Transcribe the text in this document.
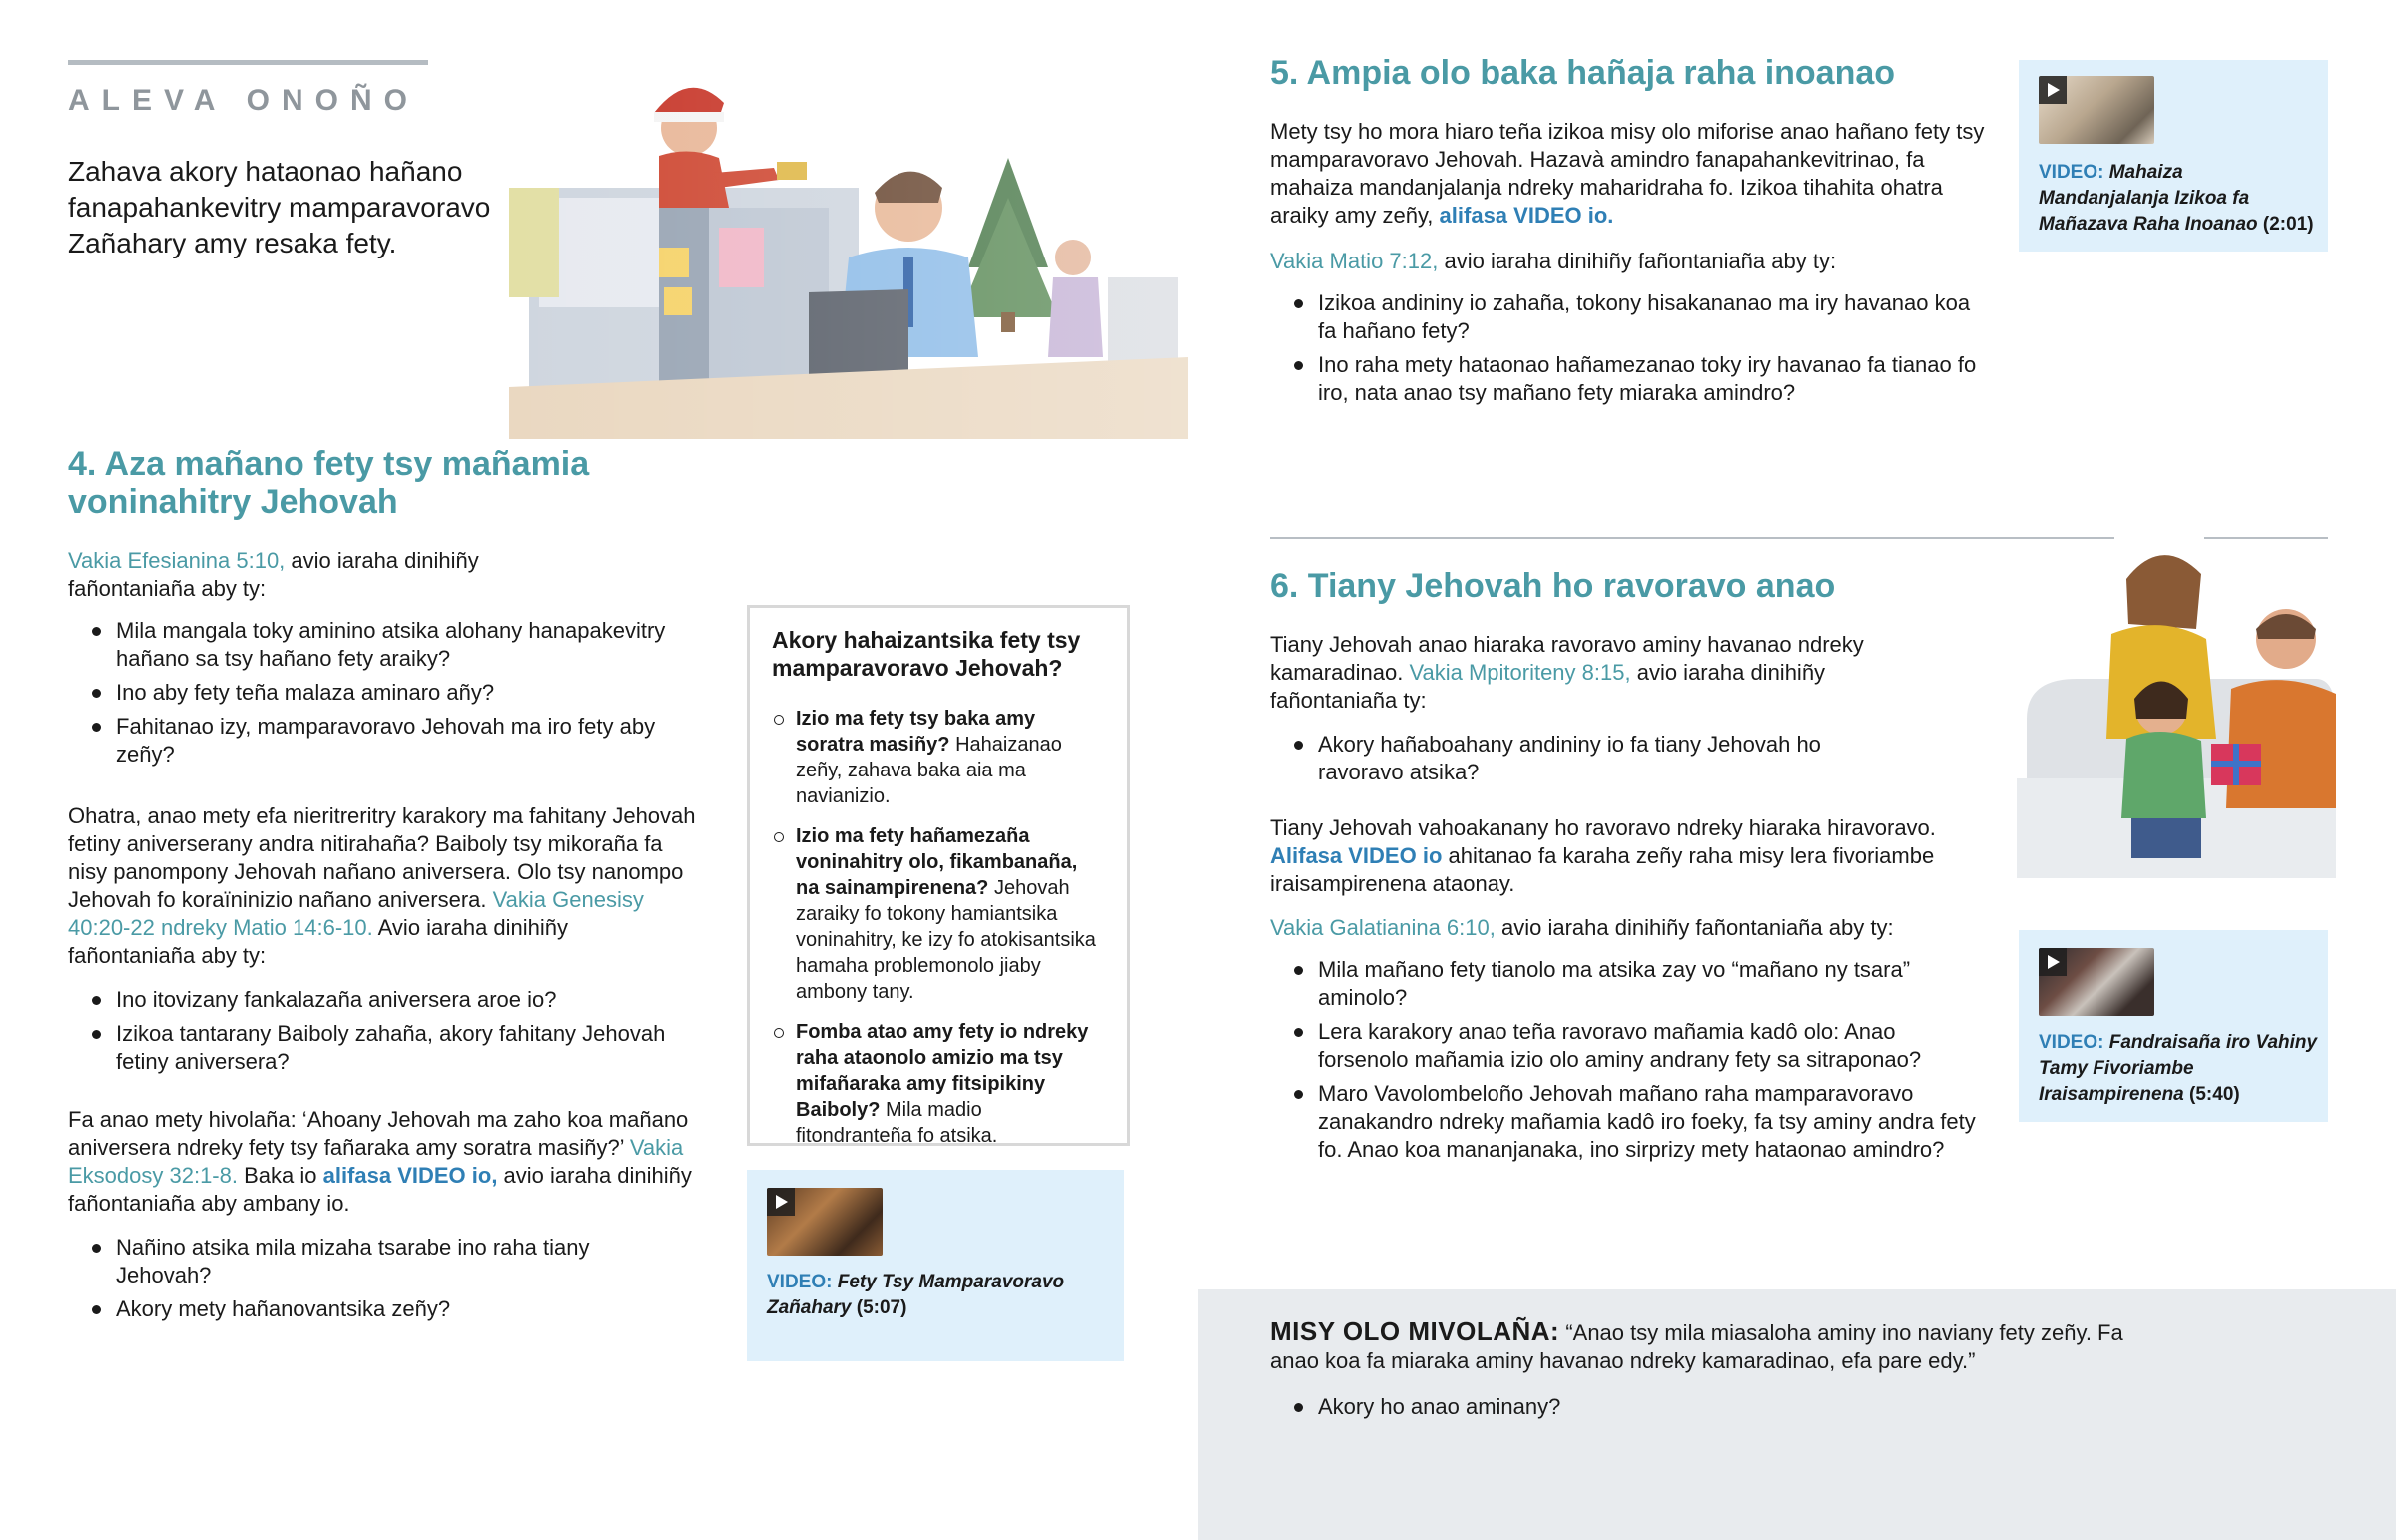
ALEVA ONOÑO
Zahava akory hataonao hañano fanapahankevitry mamparavoravo Zañahary amy resaka fety.
4. Aza mañano fety tsy mañamia voninahitry Jehovah
Vakia Efesianina 5:10, avio iaraha dinihiñy fañontaniaña aby ty:
Mila mangala toky aminino atsika alohany hanapakevitry hañano sa tsy hañano fety araiky?
Ino aby fety teña malaza aminaro añy?
Fahitanao izy, mamparavoravo Jehovah ma iro fety aby zeñy?
Ohatra, anao mety efa nieritreritry karakory ma fahitany Jehovah fetiny aniverserany andra nitirahaña? Baiboly tsy mikoraña fa nisy panompony Jehovah nañano aniversera. Olo tsy nanompo Jehovah fo koraïninizio nañano aniversera. Vakia Genesisy 40:20-22 ndreky Matio 14:6-10. Avio iaraha dinihiñy fañontaniaña aby ty:
Ino itovizany fankalazaña aniversera aroe io?
Izikoa tantarany Baiboly zahaña, akory fahitany Jehovah fetiny aniversera?
Fa anao mety hivolaña: ‘Ahoany Jehovah ma zaho koa mañano aniversera ndreky fety tsy fañaraka amy soratra masiñy?’ Vakia Eksodosy 32:1-8. Baka io alifasa VIDEO io, avio iaraha dinihiñy fañontaniaña aby ambany io.
Nañino atsika mila mizaha tsarabe ino raha tiany Jehovah?
Akory mety hañanovantsika zeñy?
Akory hahaizantsika fety tsy mamparavoravo Jehovah?
Izio ma fety tsy baka amy soratra masiñy? Hahaizanao zeñy, zahava baka aia ma navianizio.
Izio ma fety hañamezaña voninahitry olo, fikambanaña, na sainampirenena? Jehovah zaraiky fo tokony hamiantsika voninahitry, ke izy fo atokisantsika hamaha problemonolo jiaby ambony tany.
Fomba atao amy fety io ndreky raha ataonolo amizio ma tsy mifañaraka amy fitsipikiny Baiboly? Mila madio fitondranteña fo atsika.
VIDEO: Fety Tsy Mamparavoravo Zañahary (5:07)
5. Ampia olo baka hañaja raha inoanao
Mety tsy ho mora hiaro teña izikoa misy olo miforise anao hañano fety tsy mamparavoravo Jehovah. Hazavà amindro fanapahankevitrinao, fa mahaiza mandanjalanja ndreky maharidraha fo. Izikoa tihahita ohatra araiky amy zeñy, alifasa VIDEO io.
Vakia Matio 7:12, avio iaraha dinihiñy fañontaniaña aby ty:
Izikoa andininy io zahaña, tokony hisakananao ma iry havanao koa fa hañano fety?
Ino raha mety hataonao hañamezanao toky iry havanao fa tianao fo iro, nata anao tsy mañano fety miaraka amindro?
VIDEO: Mahaiza Mandanjalanja Izikoa fa Mañazava Raha Inoanao (2:01)
6. Tiany Jehovah ho ravoravo anao
Tiany Jehovah anao hiaraka ravoravo aminy havanao ndreky kamaradinao. Vakia Mpitoriteny 8:15, avio iaraha dinihiñy fañontaniaña ty:
Akory hañaboahany andininy io fa tiany Jehovah ho ravoravo atsika?
Tiany Jehovah vahoakanany ho ravoravo ndreky hiaraka hiravoravo. Alifasa VIDEO io ahitanao fa karaha zeñy raha misy lera fivoriambe iraisampirenena ataonay.
Vakia Galatianina 6:10, avio iaraha dinihiñy fañontaniaña aby ty:
Mila mañano fety tianolo ma atsika zay vo “mañano ny tsara” aminolo?
Lera karakory anao teña ravoravo mañamia kadô olo: Anao forsenolo mañamia izio olo aminy andrany fety sa sitraponao?
Maro Vavolombeloño Jehovah mañano raha mamparavoravo zanakandro ndreky mañamia kadô iro foeky, fa tsy aminy andra fety fo. Anao koa mananjanaka, ino sirprizy mety hataonao amindro?
VIDEO: Fandraisaña iro Vahiny Tamy Fivoriambe Iraisampirenena (5:40)
MISY OLO MIVOLAÑA: “Anao tsy mila miasaloha aminy ino naviany fety zeñy. Fa anao koa fa miaraka aminy havanao ndreky kamaradinao, efa pare edy.”
Akory ho anao aminany?
